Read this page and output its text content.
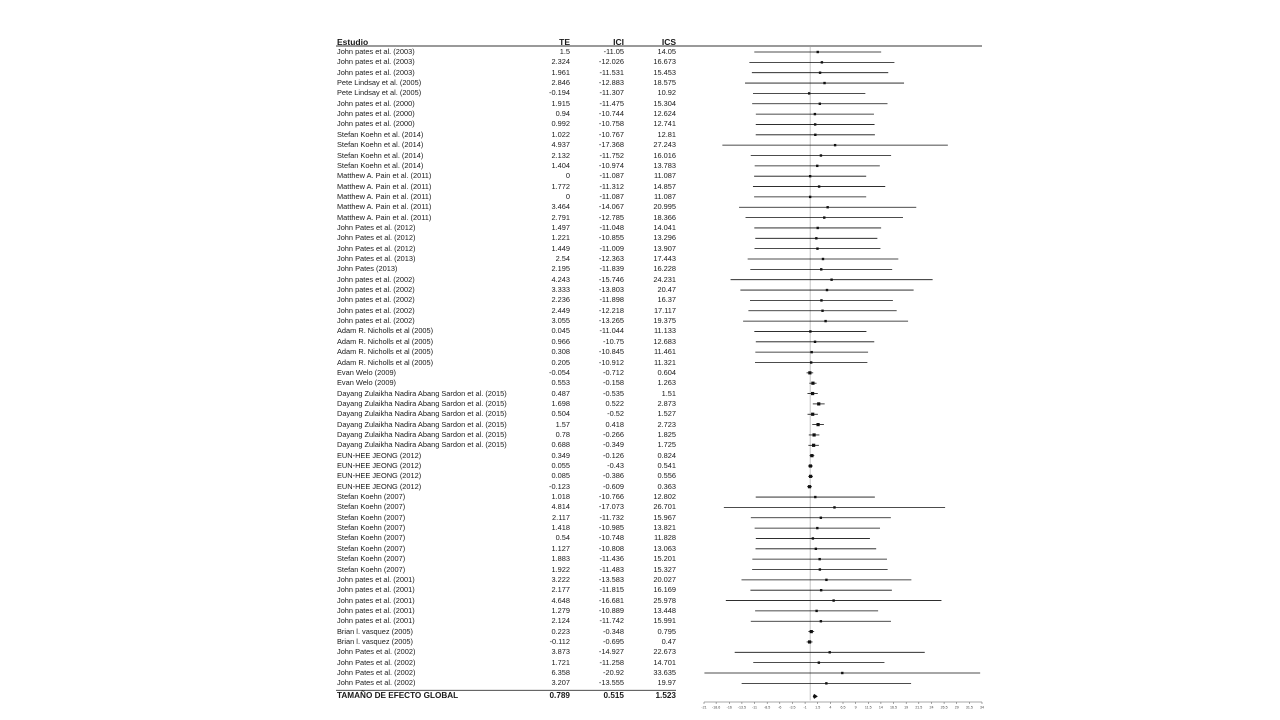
-21 -18.6 -16 -13.5 -11 -8.5 -6 -3.5 -1 1.5	4	6.5	9 11.5 14 16.5 19 21.5 24 26.5 29 31.5 34
Estudio	TE	ICI	ICS
John pates et al. (2003)	1.5	-11.05	14.05
John pates et al. (2003)	2.324	-12.026	16.673
John pates et al. (2003)	1.961	-11.531	15.453
Pete Lindsay et al. (2005)	2.846	-12.883	18.575
Pete Lindsay et al. (2005)	-0.194	-11.307	10.92
John pates et al. (2000)	1.915	-11.475	15.304
John pates et al. (2000)	0.94	-10.744	12.624
John pates et al. (2000)	0.992	-10.758	12.741
Stefan Koehn et al. (2014)	1.022	-10.767	12.81
Stefan Koehn et al. (2014)	4.937	-17.368	27.243
Stefan Koehn et al. (2014)	2.132	-11.752	16.016
Stefan Koehn et al. (2014)	1.404	-10.974	13.783
Matthew A. Pain et al. (2011)	0	-11.087	11.087
Matthew A. Pain et al. (2011)	1.772	-11.312	14.857
Matthew A. Pain et al. (2011)	0	-11.087	11.087
Matthew A. Pain et al. (2011)	3.464	-14.067	20.995
Matthew A. Pain et al. (2011)	2.791	-12.785	18.366
John Pates et al. (2012)	1.497	-11.048	14.041
John Pates et al. (2012)	1.221	-10.855	13.296
John Pates et al. (2012)	1.449	-11.009	13.907
John Pates et al. (2013)	2.54	-12.363	17.443
John Pates (2013)	2.195	-11.839	16.228
John pates et al. (2002)	4.243	-15.746	24.231
John pates et al. (2002)	3.333	-13.803	20.47
John pates et al. (2002)	2.236	-11.898	16.37
John pates et al. (2002)	2.449	-12.218	17.117
John pates et al. (2002)	3.055	-13.265	19.375
Adam R. Nicholls et al (2005)	0.045	-11.044	11.133
Adam R. Nicholls et al (2005)	0.966	-10.75	12.683
Adam R. Nicholls et al (2005)	0.308	-10.845	11.461
Adam R. Nicholls et al (2005)	0.205	-10.912	11.321
Evan Welo (2009)	-0.054	-0.712	0.604
Evan Welo (2009)	0.553	-0.158	1.263
Dayang Zulaikha Nadira Abang Sardon et al. (2015)	0.487	-0.535	1.51
Dayang Zulaikha Nadira Abang Sardon et al. (2015)	1.698	0.522	2.873
Dayang Zulaikha Nadira Abang Sardon et al. (2015)	0.504	-0.52	1.527
Dayang Zulaikha Nadira Abang Sardon et al. (2015)	1.57	0.418	2.723
Dayang Zulaikha Nadira Abang Sardon et al. (2015)	0.78	-0.266	1.825
Dayang Zulaikha Nadira Abang Sardon et al. (2015)	0.688	-0.349	1.725
EUN-HEE JEONG (2012)	0.349	-0.126	0.824
EUN-HEE JEONG (2012)	0.055	-0.43	0.541
EUN-HEE JEONG (2012)	0.085	-0.386	0.556
EUN-HEE JEONG (2012)	-0.123	-0.609	0.363
Stefan Koehn (2007)	1.018	-10.766	12.802
Stefan Koehn (2007)	4.814	-17.073	26.701
Stefan Koehn (2007)	2.117	-11.732	15.967
Stefan Koehn (2007)	1.418	-10.985	13.821
Stefan Koehn (2007)	0.54	-10.748	11.828
Stefan Koehn (2007)	1.127	-10.808	13.063
Stefan Koehn (2007)	1.883	-11.436	15.201
Stefan Koehn (2007)	1.922	-11.483	15.327
John pates et al. (2001)	3.222	-13.583	20.027
John pates et al. (2001)	2.177	-11.815	16.169
John pates et al. (2001)	4.648	-16.681	25.978
John pates et al. (2001)	1.279	-10.889	13.448
John pates et al. (2001)	2.124	-11.742	15.991
Brian l. vasquez (2005)	0.223	-0.348	0.795
Brian l. vasquez (2005)	-0.112	-0.695	0.47
John Pates et al. (2002)	3.873	-14.927	22.673
John Pates et al. (2002)	1.721	-11.258	14.701
John Pates et al. (2002)	6.358	-20.92	33.635
John Pates et al. (2002)	3.207	-13.555	19.97
TAMAÑO DE EFECTO GLOBAL	0.789	0.515	1.523
